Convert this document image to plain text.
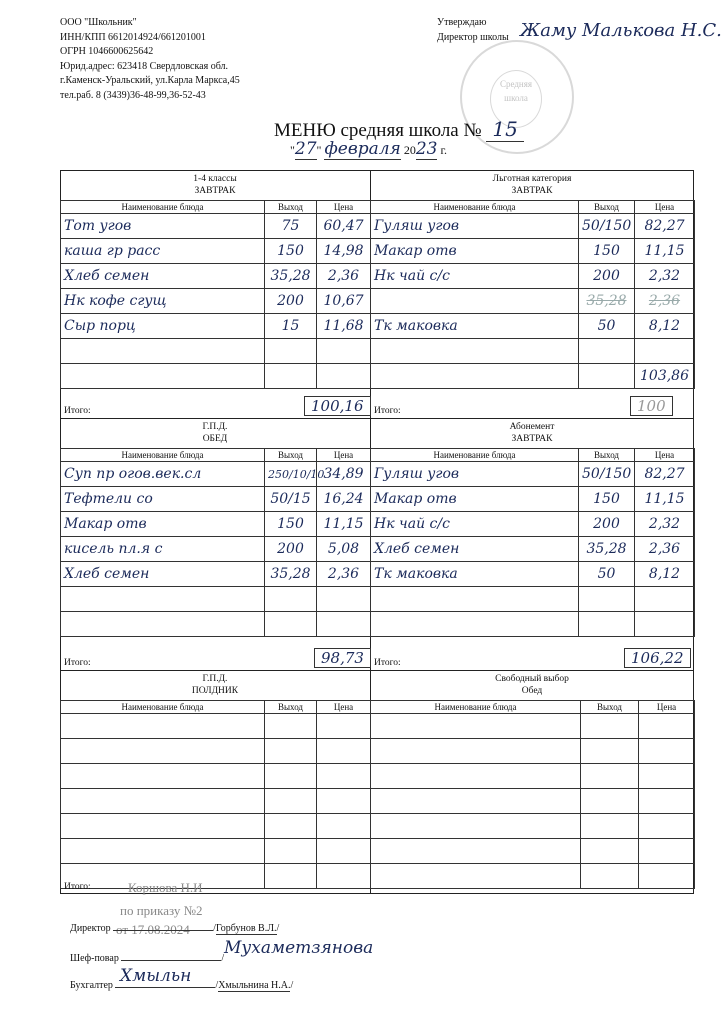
ООО "Школьник"
ИНН/КПП 6612014924/661201001
ОГРН 1046600625642
Юрид.адрес: 623418 Свердловская обл.
г.Каменск-Уральский, ул.Карла Маркса,45
тел.раб. 8 (3439)36-48-99,36-52-43
Утверждаю
Директор школы Жаму Малькова Н.С.
Средняя школа
МЕНЮ средняя школа № 15
"27" февраля 2023 г.
1-4 классы
ЗАВТРАК
Наименование блюда	Выход	Цена
Тот угов	75	60,47
каша гр расс	150	14,98
Хлеб семен	35,28	2,36
Нк кофе сгущ	200	10,67
Сыр порц	15	11,68

Итого:	100,16
Льготная категория
ЗАВТРАК
Наименование блюда	Выход	Цена
Гуляш угов	50/150	82,27
Макар отв	150	11,15
Нк чай с/с	200	2,32
	35,28	2,36
Тк маковка	50	8,12

		103,86
Итого:	100
Г.П.Д.
ОБЕД
Наименование блюда	Выход	Цена
Суп пр огов.век.сл	250/10/10	34,89
Тефтели со	50/15	16,24
Макар отв	150	11,15
кисель пл.я с	200	5,08
Хлеб семен	35,28	2,36

Итого:	98,73
Абонемент
ЗАВТРАК
Наименование блюда	Выход	Цена
Гуляш угов	50/150	82,27
Макар отв	150	11,15
Нк чай с/с	200	2,32
Хлеб семен	35,28	2,36
Тк маковка	50	8,12

Итого:	106,22
Г.П.Д.
ПОЛДНИК
Наименование блюда	Выход	Цена

Итого:
Свободный выбор
Обед
Наименование блюда	Выход	Цена

Коршова Н.И
по приказу №2
от 17.08.2024
Директор	/Горбунов В.Л./
Шеф-повар	/
Мухаметзянова
Бухгалтер	/Хмыльнина Н.А./
Хмыльн
